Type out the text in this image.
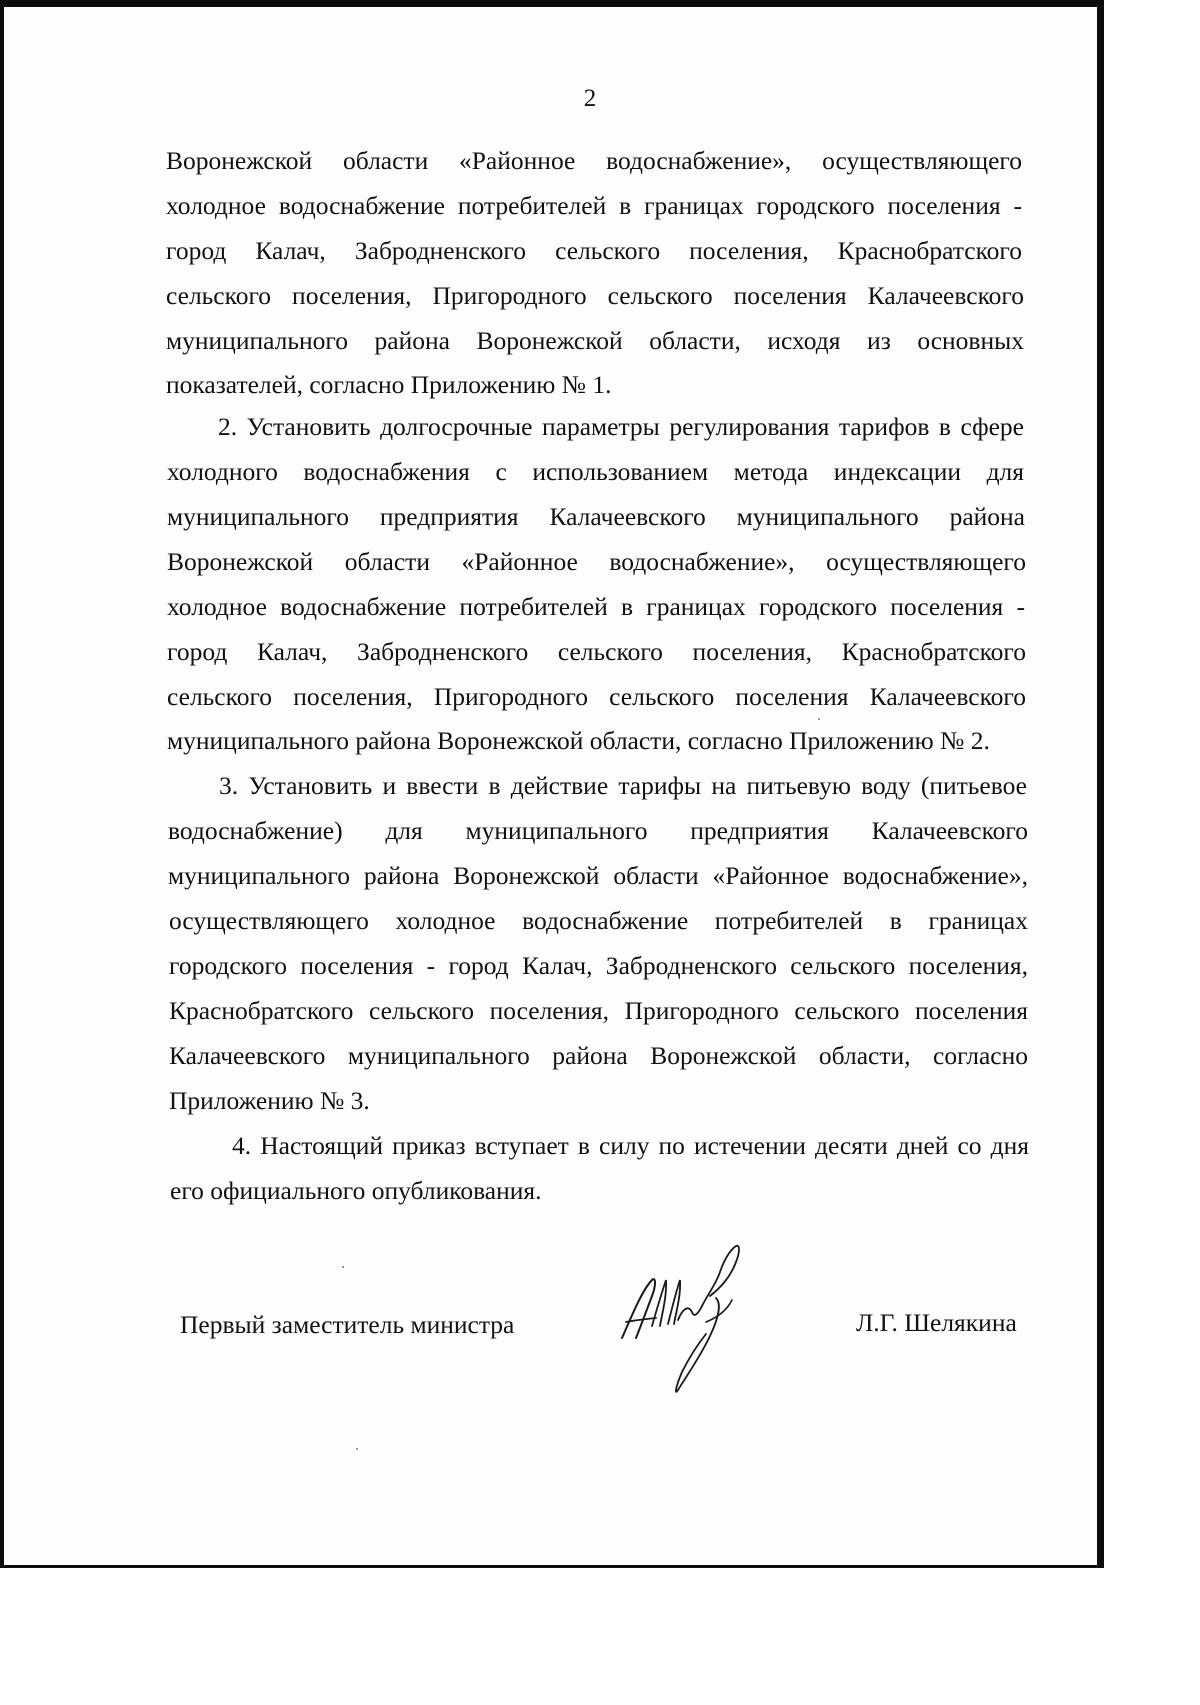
2
Воронежской области «Районное водоснабжение», осуществляющего
холодное водоснабжение потребителей в границах городского поселения -
город Калач, Забродненского сельского поселения, Краснобратского
сельского поселения, Пригородного сельского поселения Калачеевского
муниципального района Воронежской области, исходя из основных
показателей, согласно Приложению № 1.
2. Установить долгосрочные параметры регулирования тарифов в сфере
холодного водоснабжения с использованием метода индексации для
муниципального предприятия Калачеевского муниципального района
Воронежской области «Районное водоснабжение», осуществляющего
холодное водоснабжение потребителей в границах городского поселения -
город Калач, Забродненского сельского поселения, Краснобратского
сельского поселения, Пригородного сельского поселения Калачеевского
муниципального района Воронежской области, согласно Приложению № 2.
3. Установить и ввести в действие тарифы на питьевую воду (питьевое
водоснабжение) для муниципального предприятия Калачеевского
муниципального района Воронежской области «Районное водоснабжение»,
осуществляющего холодное водоснабжение потребителей в границах
городского поселения - город Калач, Забродненского сельского поселения,
Краснобратского сельского поселения, Пригородного сельского поселения
Калачеевского муниципального района Воронежской области, согласно
Приложению № 3.
4. Настоящий приказ вступает в силу по истечении десяти дней со дня
его официального опубликования.
Первый заместитель министра	Л.Г. Шелякина
